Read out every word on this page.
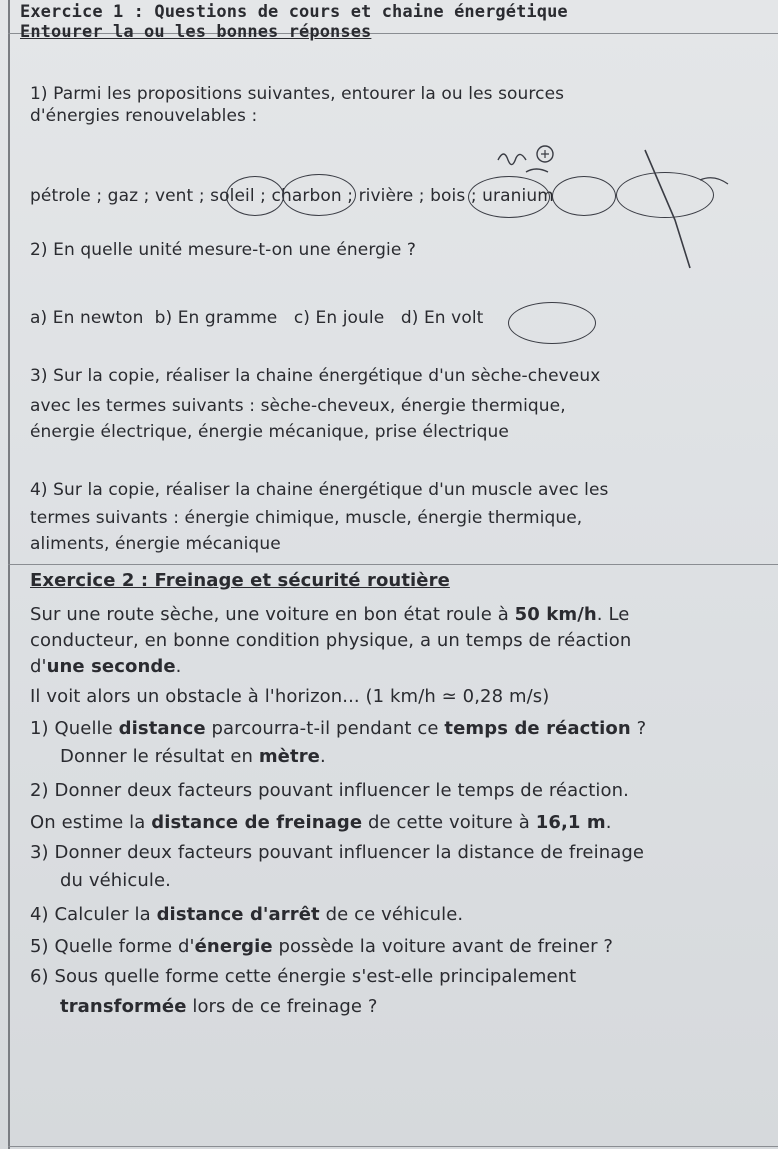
Exercice 1 : Questions de cours et chaine énergétique
Entourer la ou les bonnes réponses
1) Parmi les propositions suivantes, entourer la ou les sources
d'énergies renouvelables :
pétrole ; gaz ; vent ; soleil ; charbon ; rivière ; bois ; uranium
2) En quelle unité mesure-t-on une énergie ?
a) En newton b) En gramme c) En joule d) En volt
3) Sur la copie, réaliser la chaine énergétique d'un sèche-cheveux
avec les termes suivants : sèche-cheveux, énergie thermique,
énergie électrique, énergie mécanique, prise électrique
4) Sur la copie, réaliser la chaine énergétique d'un muscle avec les
termes suivants : énergie chimique, muscle, énergie thermique,
aliments, énergie mécanique
Exercice 2 : Freinage et sécurité routière
Sur une route sèche, une voiture en bon état roule à 50 km/h. Le
conducteur, en bonne condition physique, a un temps de réaction
d'une seconde.
Il voit alors un obstacle à l'horizon... (1 km/h ≃ 0,28 m/s)
1) Quelle distance parcourra-t-il pendant ce temps de réaction ?
Donner le résultat en mètre.
2) Donner deux facteurs pouvant influencer le temps de réaction.
On estime la distance de freinage de cette voiture à 16,1 m.
3) Donner deux facteurs pouvant influencer la distance de freinage
du véhicule.
4) Calculer la distance d'arrêt de ce véhicule.
5) Quelle forme d'énergie possède la voiture avant de freiner ?
6) Sous quelle forme cette énergie s'est-elle principalement
transformée lors de ce freinage ?
